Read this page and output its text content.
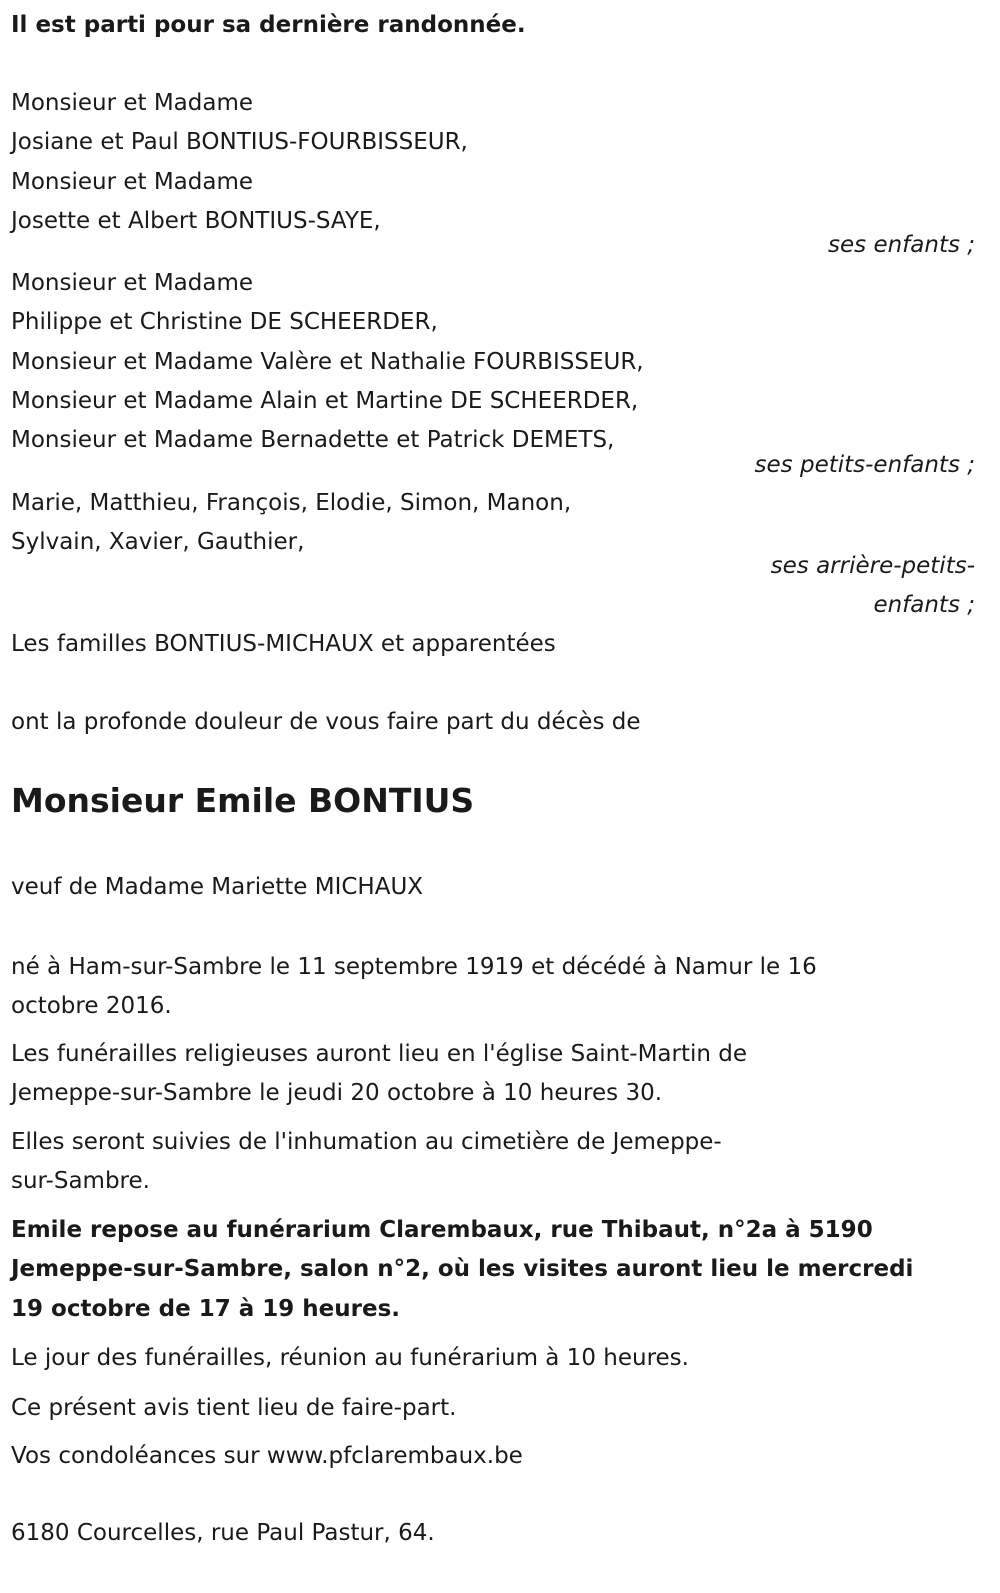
Il est parti pour sa dernière randonnée.
Monsieur et Madame
Josiane et Paul BONTIUS-FOURBISSEUR,
Monsieur et Madame
Josette et Albert BONTIUS-SAYE,
ses enfants ;
Monsieur et Madame
Philippe et Christine DE SCHEERDER,
Monsieur et Madame Valère et Nathalie FOURBISSEUR,
Monsieur et Madame Alain et Martine DE SCHEERDER,
Monsieur et Madame Bernadette et Patrick DEMETS,
ses petits-enfants ;
Marie, Matthieu, François, Elodie, Simon, Manon,
Sylvain, Xavier, Gauthier,
ses arrière-petits-
enfants ;
Les familles BONTIUS-MICHAUX et apparentées
ont la profonde douleur de vous faire part du décès de
Monsieur Emile BONTIUS
veuf de Madame Mariette MICHAUX
né à Ham-sur-Sambre le 11 septembre 1919 et décédé à Namur le 16
octobre 2016.
Les funérailles religieuses auront lieu en l'église Saint-Martin de
Jemeppe-sur-Sambre le jeudi 20 octobre à 10 heures 30.
Elles seront suivies de l'inhumation au cimetière de Jemeppe-
sur-Sambre.
Emile repose au funérarium Clarembaux, rue Thibaut, n°2a à 5190
Jemeppe-sur-Sambre, salon n°2, où les visites auront lieu le mercredi
19 octobre de 17 à 19 heures.
Le jour des funérailles, réunion au funérarium à 10 heures.
Ce présent avis tient lieu de faire-part.
Vos condoléances sur www.pfclarembaux.be
6180 Courcelles, rue Paul Pastur, 64.
